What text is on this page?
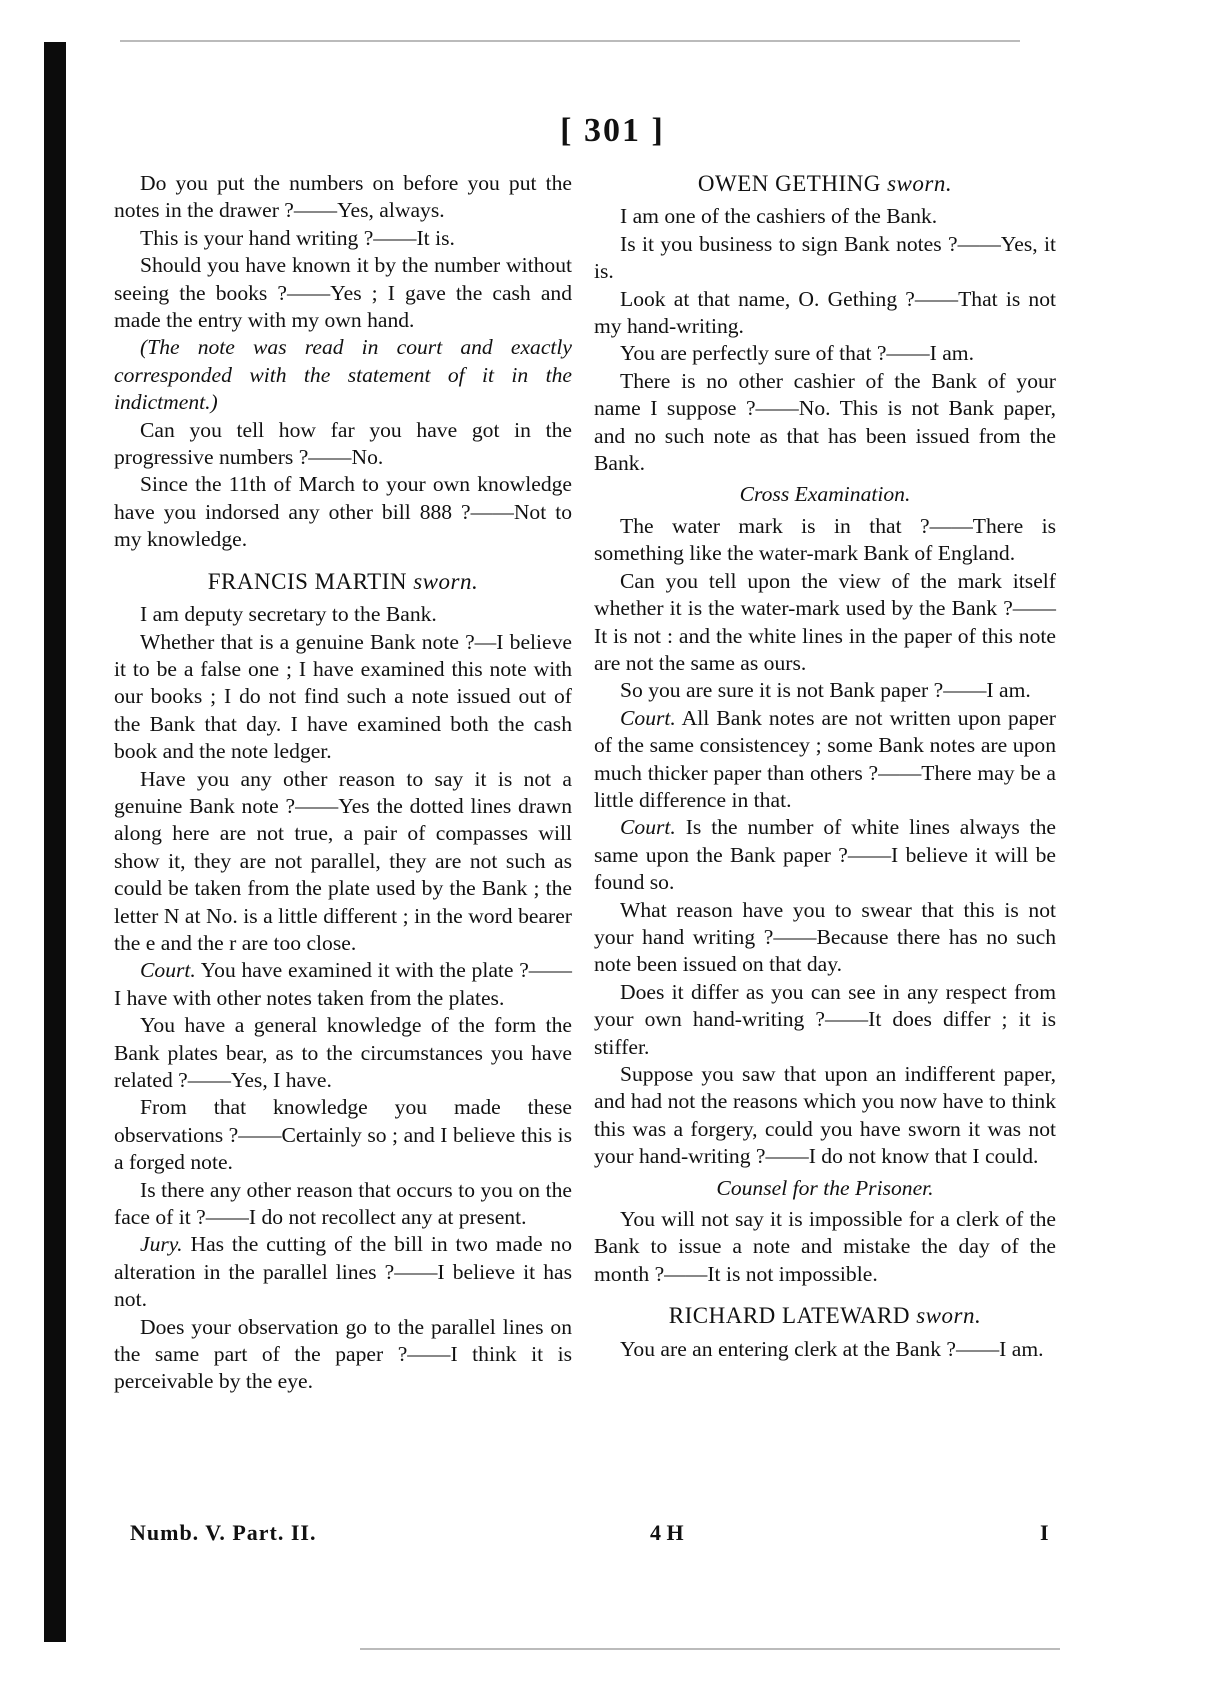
[ 301 ]

Do you put the numbers on before you put the notes in the drawer ?——Yes, always.

This is your hand writing ?——It is.

Should you have known it by the number without seeing the books ?——Yes ; I gave the cash and made the entry with my own hand.

(The note was read in court and exactly corresponded with the statement of it in the indictment.)

Can you tell how far you have got in the progressive numbers ?——No.

Since the 11th of March to your own knowledge have you indorsed any other bill 888 ?——Not to my knowledge.

FRANCIS MARTIN sworn.

I am deputy secretary to the Bank.

Whether that is a genuine Bank note ?—I believe it to be a false one ; I have examined this note with our books ; I do not find such a note issued out of the Bank that day. I have examined both the cash book and the note ledger.

Have you any other reason to say it is not a genuine Bank note ?——Yes the dotted lines drawn along here are not true, a pair of compasses will show it, they are not parallel, they are not such as could be taken from the plate used by the Bank ; the letter N at No. is a little different ; in the word bearer the e and the r are too close.

Court. You have examined it with the plate ?——I have with other notes taken from the plates.

You have a general knowledge of the form the Bank plates bear, as to the circumstances you have related ?——Yes, I have.

From that knowledge you made these observations ?——Certainly so ; and I believe this is a forged note.

Is there any other reason that occurs to you on the face of it ?——I do not recollect any at present.

Jury. Has the cutting of the bill in two made no alteration in the parallel lines ?——I believe it has not.

Does your observation go to the parallel lines on the same part of the paper ?——I think it is perceivable by the eye.

OWEN GETHING sworn.

I am one of the cashiers of the Bank.

Is it you business to sign Bank notes ?——Yes, it is.

Look at that name, O. Gething ?——That is not my hand-writing.

You are perfectly sure of that ?——I am.

There is no other cashier of the Bank of your name I suppose ?——No. This is not Bank paper, and no such note as that has been issued from the Bank.

Cross Examination.

The water mark is in that ?——There is something like the water-mark Bank of England.

Can you tell upon the view of the mark itself whether it is the water-mark used by the Bank ?——It is not : and the white lines in the paper of this note are not the same as ours.

So you are sure it is not Bank paper ?——I am.

Court. All Bank notes are not written upon paper of the same consistencey ; some Bank notes are upon much thicker paper than others ?——There may be a little difference in that.

Court. Is the number of white lines always the same upon the Bank paper ?——I believe it will be found so.

What reason have you to swear that this is not your hand writing ?——Because there has no such note been issued on that day.

Does it differ as you can see in any respect from your own hand-writing ?——It does differ ; it is stiffer.

Suppose you saw that upon an indifferent paper, and had not the reasons which you now have to think this was a forgery, could you have sworn it was not your hand-writing ?——I do not know that I could.

Counsel for the Prisoner.

You will not say it is impossible for a clerk of the Bank to issue a note and mistake the day of the month ?——It is not impossible.

RICHARD LATEWARD sworn.

You are an entering clerk at the Bank ?——I am.

Numb. V. Part. II.	4 H	I
